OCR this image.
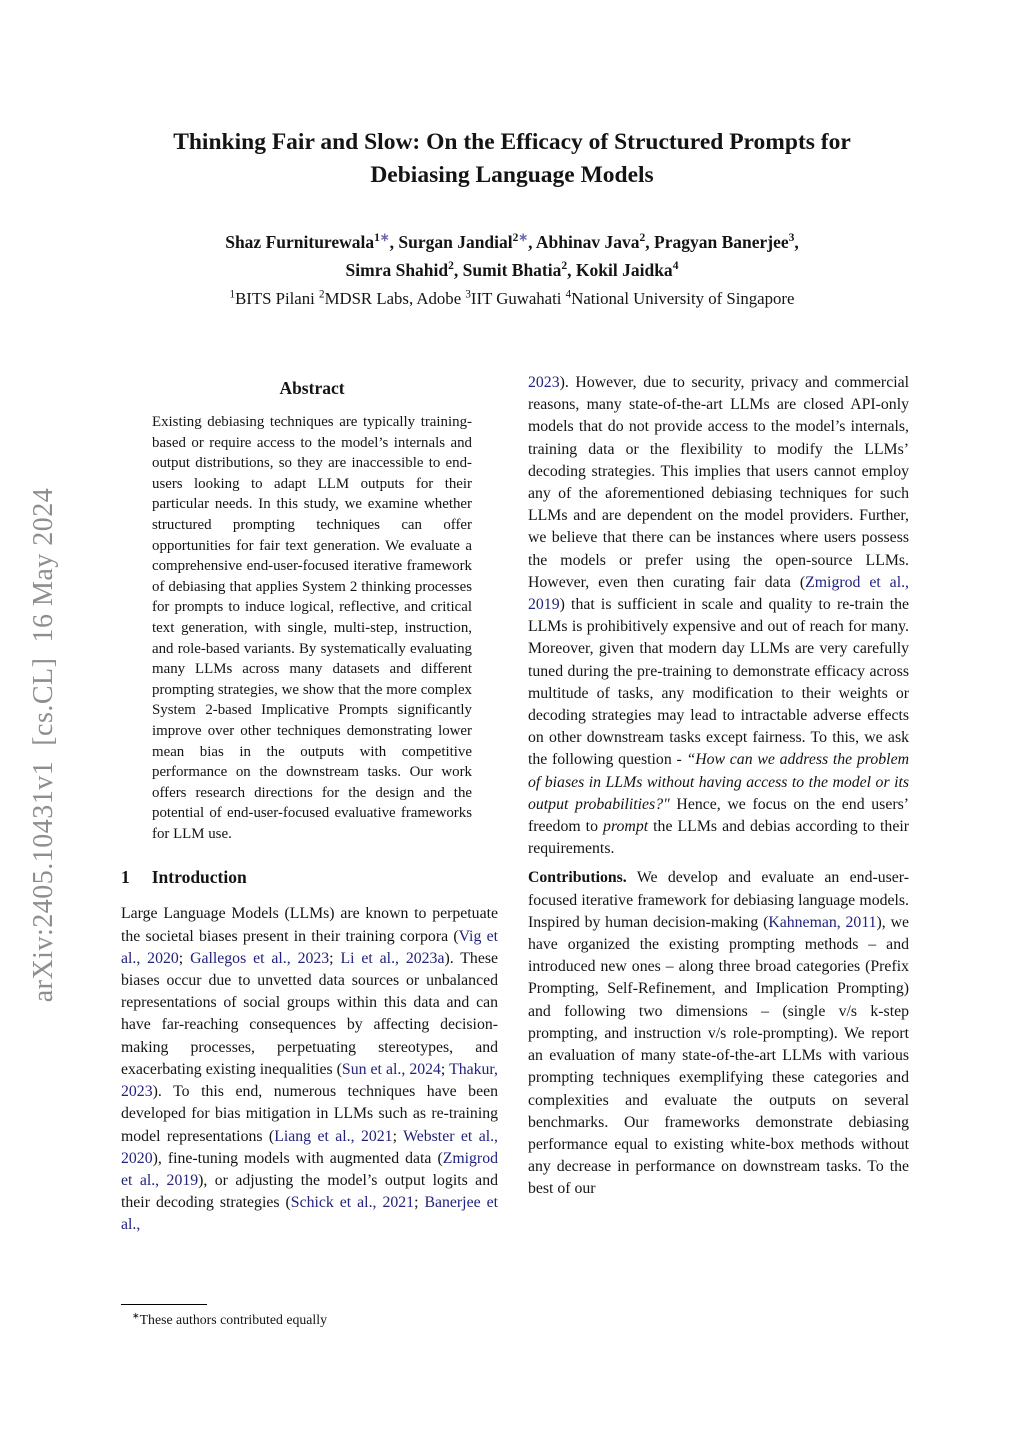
arXiv:2405.10431v1  [cs.CL]  16 May 2024
Thinking Fair and Slow: On the Efficacy of Structured Prompts for
Debiasing Language Models
Shaz Furniturewala$^{1∗}$, Surgan Jandial$^{2∗}$, Abhinav Java$^2$, Pragyan Banerjee$^3$,
Simra Shahid$^2$, Sumit Bhatia$^2$, Kokil Jaidka$^4$
$^1$BITS Pilani $^2$MDSR Labs, Adobe $^3$IIT Guwahati $^4$National University of Singapore
Abstract

Existing debiasing techniques are typically training-based or require access to the model’s internals and output distributions, so they are inaccessible to end-users looking to adapt LLM outputs for their particular needs. In this study, we examine whether structured prompting techniques can offer opportunities for fair text generation. We evaluate a comprehensive end-user-focused iterative framework of debiasing that applies System 2 thinking processes for prompts to induce logical, reflective, and critical text generation, with single, multi-step, instruction, and role-based variants. By systematically evaluating many LLMs across many datasets and different prompting strategies, we show that the more complex System 2-based Implicative Prompts significantly improve over other techniques demonstrating lower mean bias in the outputs with competitive performance on the downstream tasks. Our work offers research directions for the design and the potential of end-user-focused evaluative frameworks for LLM use.

1 Introduction

Large Language Models (LLMs) are known to perpetuate the societal biases present in their training corpora (Vig et al., 2020; Gallegos et al., 2023; Li et al., 2023a). These biases occur due to unvetted data sources or unbalanced representations of social groups within this data and can have far-reaching consequences by affecting decision-making processes, perpetuating stereotypes, and exacerbating existing inequalities (Sun et al., 2024; Thakur, 2023). To this end, numerous techniques have been developed for bias mitigation in LLMs such as re-training model representations (Liang et al., 2021; Webster et al., 2020), fine-tuning models with augmented data (Zmigrod et al., 2019), or adjusting the model’s output logits and their decoding strategies (Schick et al., 2021; Banerjee et al.,

∗These authors contributed equally

2023). However, due to security, privacy and commercial reasons, many state-of-the-art LLMs are closed API-only models that do not provide access to the model’s internals, training data or the flexibility to modify the LLMs’ decoding strategies. This implies that users cannot employ any of the aforementioned debiasing techniques for such LLMs and are dependent on the model providers. Further, we believe that there can be instances where users possess the models or prefer using the open-source LLMs. However, even then curating fair data (Zmigrod et al., 2019) that is sufficient in scale and quality to re-train the LLMs is prohibitively expensive and out of reach for many. Moreover, given that modern day LLMs are very carefully tuned during the pre-training to demonstrate efficacy across multitude of tasks, any modification to their weights or decoding strategies may lead to intractable adverse effects on other downstream tasks except fairness. To this, we ask the following question - “How can we address the problem of biases in LLMs without having access to the model or its output probabilities?" Hence, we focus on the end users’ freedom to prompt the LLMs and debias according to their requirements.

Contributions. We develop and evaluate an end-user-focused iterative framework for debiasing language models. Inspired by human decision-making (Kahneman, 2011), we have organized the existing prompting methods – and introduced new ones – along three broad categories (Prefix Prompting, Self-Refinement, and Implication Prompting) and following two dimensions – (single v/s k-step prompting, and instruction v/s role-prompting). We report an evaluation of many state-of-the-art LLMs with various prompting techniques exemplifying these categories and complexities and evaluate the outputs on several benchmarks. Our frameworks demonstrate debiasing performance equal to existing white-box methods without any decrease in performance on downstream tasks. To the best of our
